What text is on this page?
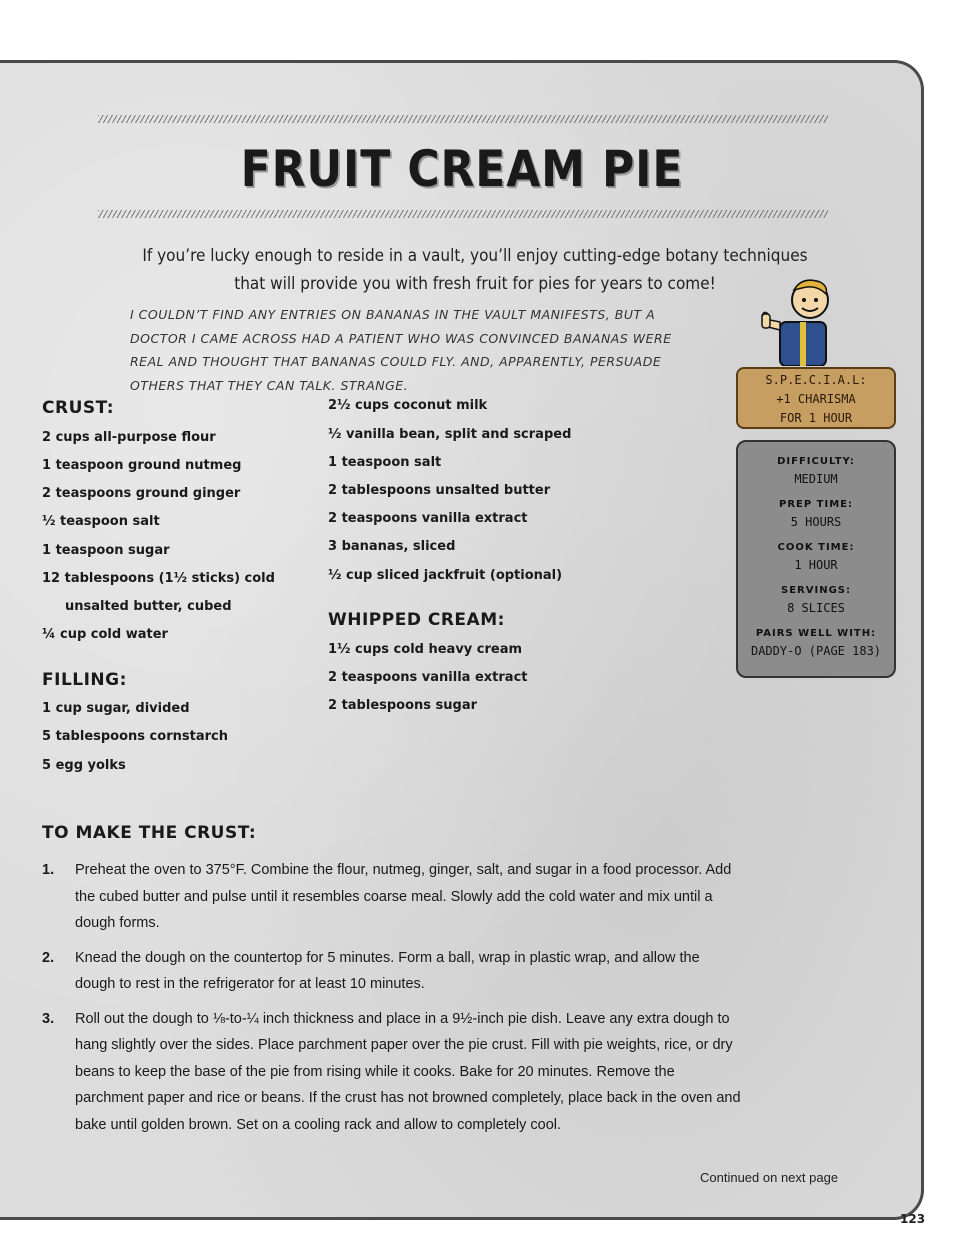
FRUIT CREAM PIE

If you’re lucky enough to reside in a vault, you’ll enjoy cutting-edge botany techniques that will provide you with fresh fruit for pies for years to come!

I COULDN’T FIND ANY ENTRIES ON BANANAS IN THE VAULT MANIFESTS, BUT A
DOCTOR I CAME ACROSS HAD A PATIENT WHO WAS CONVINCED BANANAS WERE
REAL AND THOUGHT THAT BANANAS COULD FLY. AND, APPARENTLY, PERSUADE
OTHERS THAT THEY CAN TALK. STRANGE.	S.P.E.C.I.A.L:
+1 CHARISMA
FOR 1 HOUR
DIFFICULTY:
MEDIUM
PREP TIME:
5 HOURS
COOK TIME:
1 HOUR
SERVINGS:
8 SLICES
PAIRS WELL WITH:
DADDY-O (PAGE 183)
CRUST:
2 cups all-purpose flour
1 teaspoon ground nutmeg
2 teaspoons ground ginger
½ teaspoon salt
1 teaspoon sugar
12 tablespoons (1½ sticks) cold
unsalted butter, cubed
¼ cup cold water
FILLING:
1 cup sugar, divided
5 tablespoons cornstarch
5 egg yolks
2½ cups coconut milk
½ vanilla bean, split and scraped
1 teaspoon salt
2 tablespoons unsalted butter
2 teaspoons vanilla extract
3 bananas, sliced
½ cup sliced jackfruit (optional)
WHIPPED CREAM:
1½ cups cold heavy cream
2 teaspoons vanilla extract
2 tablespoons sugar
TO MAKE THE CRUST:
1. Preheat the oven to 375°F. Combine the flour, nutmeg, ginger, salt, and sugar in a food processor. Add the cubed butter and pulse until it resembles coarse meal. Slowly add the cold water and mix until a dough forms.
2. Knead the dough on the countertop for 5 minutes. Form a ball, wrap in plastic wrap, and allow the dough to rest in the refrigerator for at least 10 minutes.
3. Roll out the dough to ⅛-to-¼ inch thickness and place in a 9½-inch pie dish. Leave any extra dough to hang slightly over the sides. Place parchment paper over the pie crust. Fill with pie weights, rice, or dry beans to keep the base of the pie from rising while it cooks. Bake for 20 minutes. Remove the parchment paper and rice or beans. If the crust has not browned completely, place back in the oven and bake until golden brown. Set on a cooling rack and allow to completely cool.
Continued on next page
123
